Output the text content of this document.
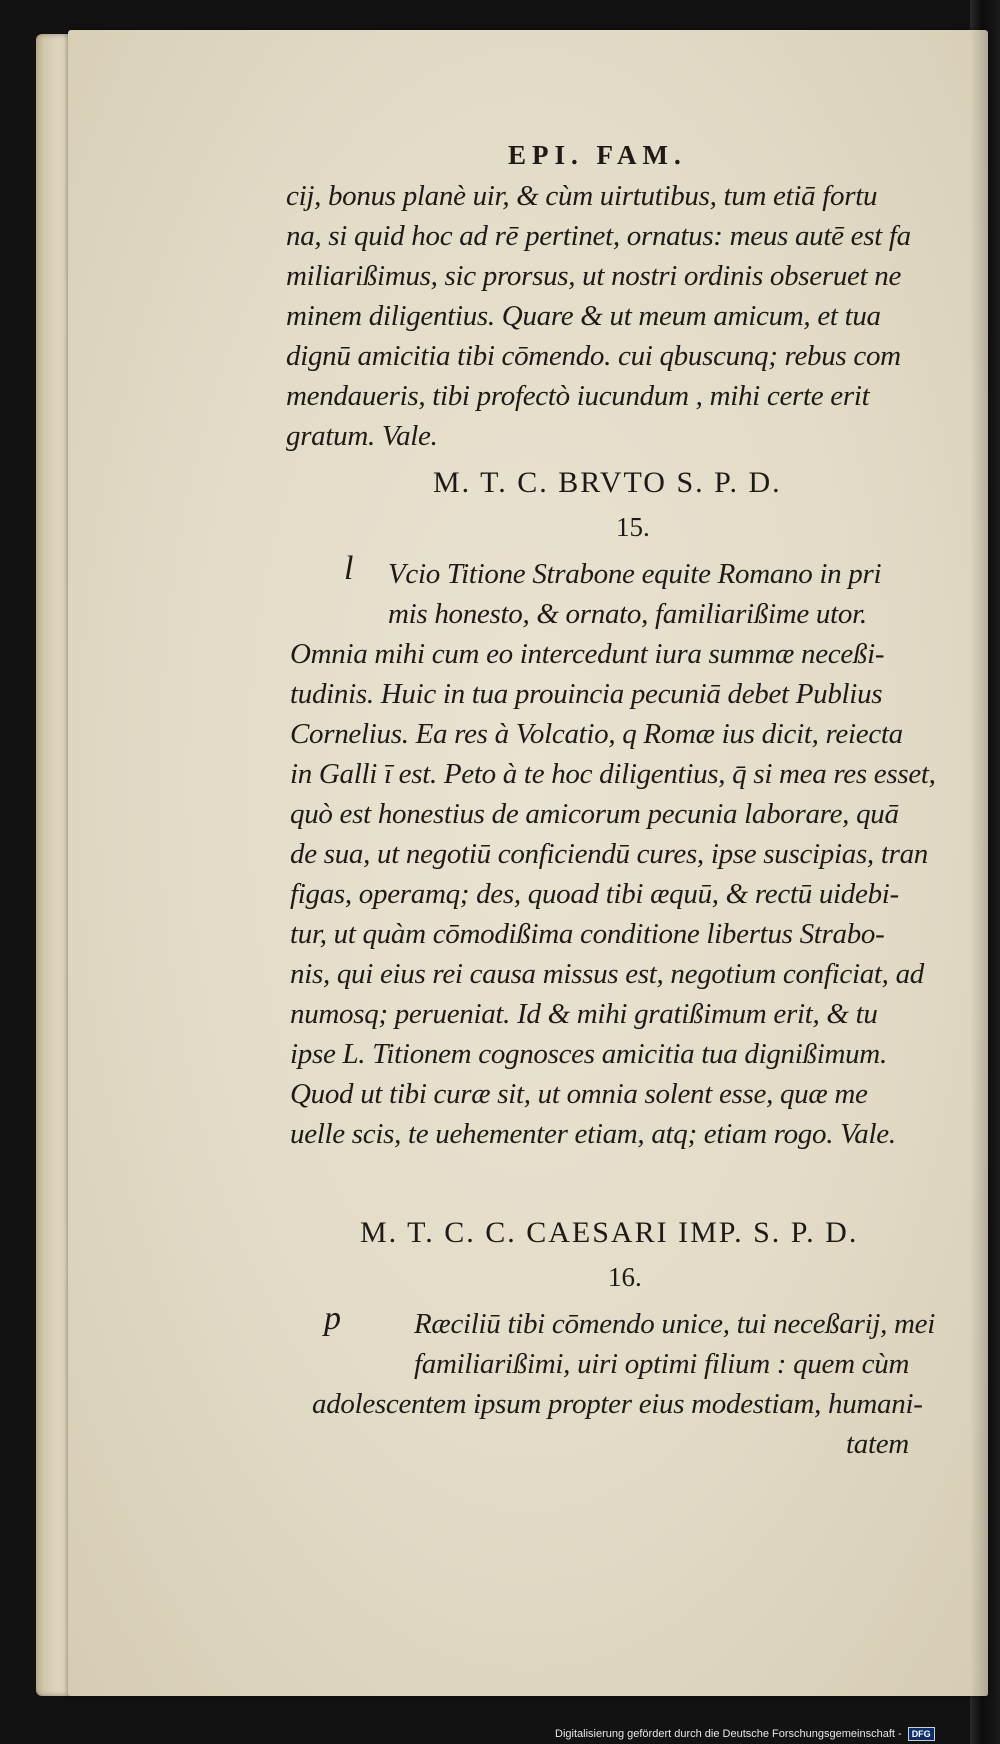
EPI. FAM.
cij, bonus planè uir, & cùm uirtutibus, tum etiā fortu
na, si quid hoc ad rē pertinet, ornatus: meus autē est fa
miliarißimus, sic prorsus, ut nostri ordinis obseruet ne
minem diligentius. Quare & ut meum amicum, et tua
dignū amicitia tibi cōmendo. cui qbuscunq; rebus com
mendaueris, tibi profectò iucundum , mihi certe erit
gratum. Vale.
M. T. C. BRVTO S. P. D.
15.
l Vcio Titione Strabone equite Romano in pri
mis honesto, & ornato, familiarißime utor.
Omnia mihi cum eo intercedunt iura summæ neceßi-
tudinis. Huic in tua prouincia pecuniā debet Publius
Cornelius. Ea res à Volcatio, q Romæ ius dicit, reiecta
in Galli ī est. Peto à te hoc diligentius, q̄ si mea res esset,
quò est honestius de amicorum pecunia laborare, quā
de sua, ut negotiū conficiendū cures, ipse suscipias, tran
figas, operamq; des, quoad tibi æquū, & rectū uidebi-
tur, ut quàm cōmodißima conditione libertus Strabo-
nis, qui eius rei causa missus est, negotium conficiat, ad
numosq; perueniat. Id & mihi gratißimum erit, & tu
ipse L. Titionem cognosces amicitia tua dignißimum.
Quod ut tibi curæ sit, ut omnia solent esse, quæ me
uelle scis, te uehementer etiam, atq; etiam rogo. Vale.
M. T. C. C. CAESARI IMP. S. P. D.
16.
p	Ræciliū tibi cōmendo unice, tui neceßarij, mei
familiarißimi, uiri optimi filium : quem cùm
adolescentem ipsum propter eius modestiam, humani-
tatem
Digitalisierung gefördert durch die Deutsche Forschungsgemeinschaft -	DFG
